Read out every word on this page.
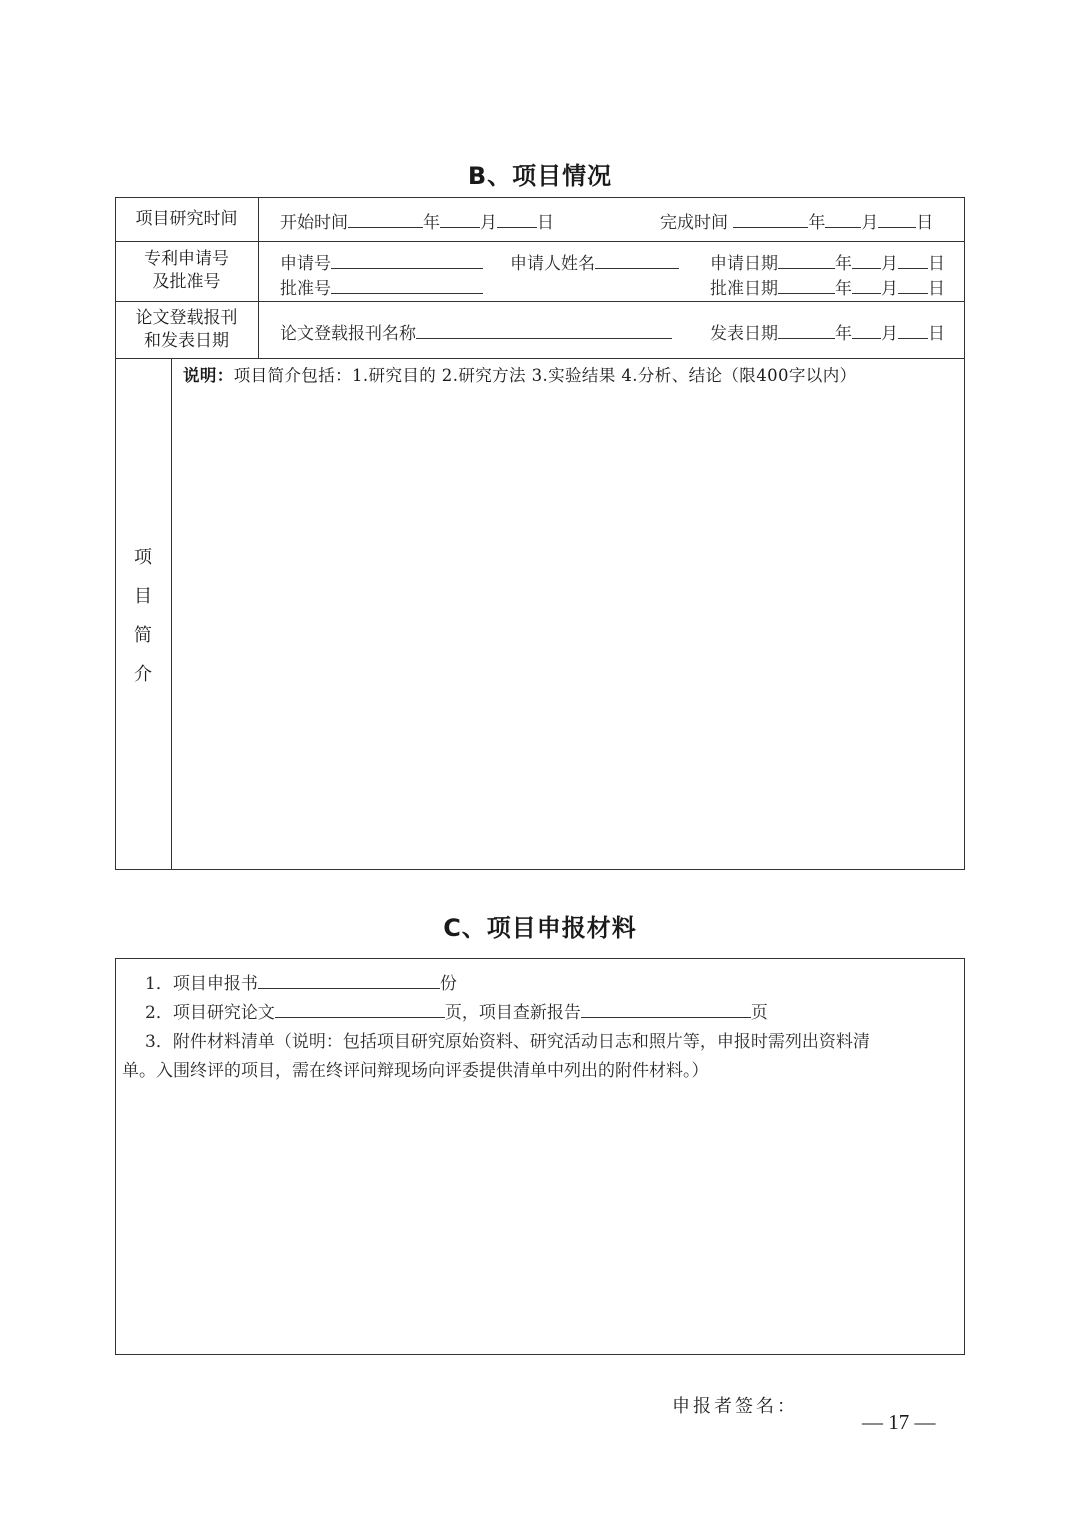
B、项目情况
项目研究时间	开始时间	年 月 日	完成时间	年 月 日
专利申请号
及批准号
申请号	申请人姓名	申请日期	年 月 日
批准号	批准日期	年 月 日
论文登载报刊
和发表日期	论文登载报刊名称	发表日期	年 月 日
项
目
简
介
说明：项目简介包括：1.研究目的 2.研究方法 3.实验结果 4.分析、结论（限400字以内）
C、项目申报材料
1．项目申报书	份
2．项目研究论文	页，项目查新报告	页
3．附件材料清单（说明：包括项目研究原始资料、研究活动日志和照片等，申报时需列出资料清
单。入围终评的项目，需在终评问辩现场向评委提供清单中列出的附件材料。）
申报者签名：
— 17 —
